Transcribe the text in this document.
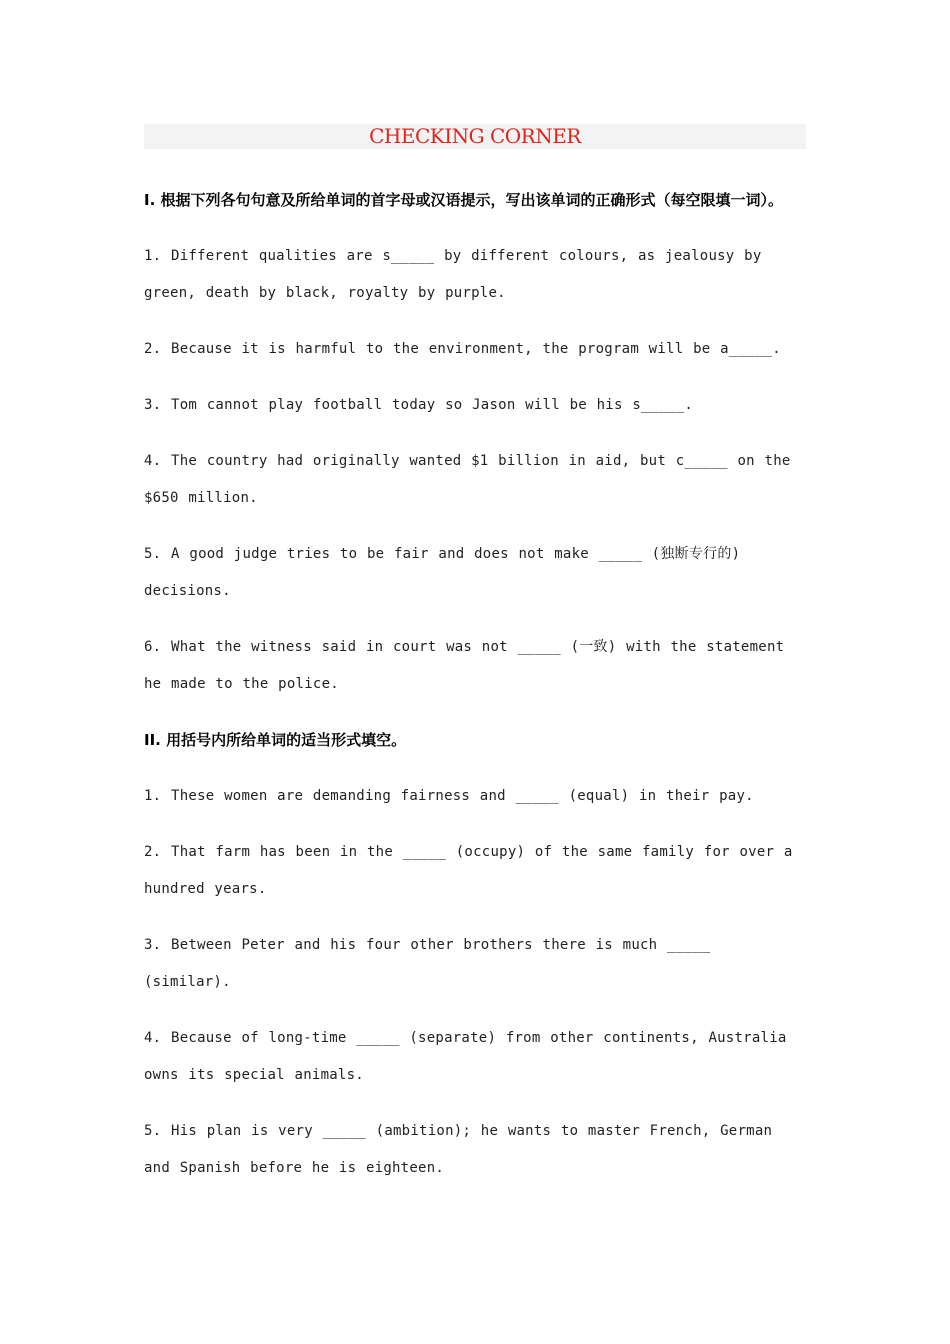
CHECKING CORNER

I. 根据下列各句句意及所给单词的首字母或汉语提示，写出该单词的正确形式（每空限填一词）。

1. Different qualities are s_____ by different colours, as jealousy by green, death by black, royalty by purple.

2. Because it is harmful to the environment, the program will be a_____.

3. Tom cannot play football today so Jason will be his s_____.

4. The country had originally wanted $1 billion in aid, but c_____ on the $650 million.

5. A good judge tries to be fair and does not make _____ (独断专行的) decisions.

6. What the witness said in court was not _____ (一致) with the statement he made to the police.

II. 用括号内所给单词的适当形式填空。

1. These women are demanding fairness and _____ (equal) in their pay.

2. That farm has been in the _____ (occupy) of the same family for over a hundred years.

3. Between Peter and his four other brothers there is much _____ (similar).

4. Because of long-time _____ (separate) from other continents, Australia owns its special animals.

5. His plan is very _____ (ambition); he wants to master French, German and Spanish before he is eighteen.
